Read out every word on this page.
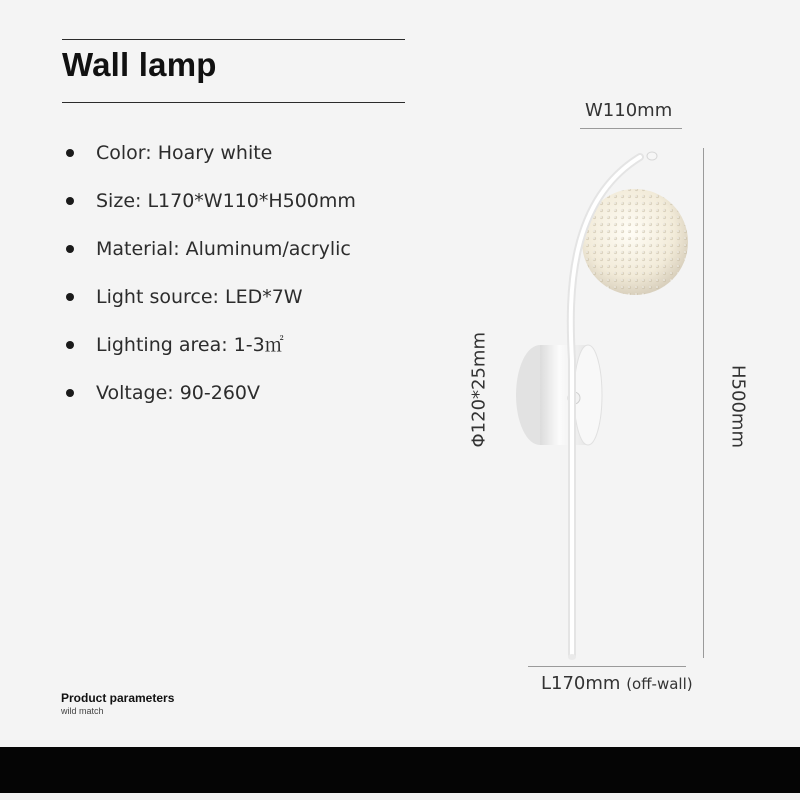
Wall lamp
Color: Hoary white
Size: L170*W110*H500mm
Material: Aluminum/acrylic
Light source: LED*7W
Lighting area: 1-3㎡
Voltage: 90-260V
W110mm
H500mm
Φ120*25mm
L170mm (off-wall)
Product parameters
wild match
